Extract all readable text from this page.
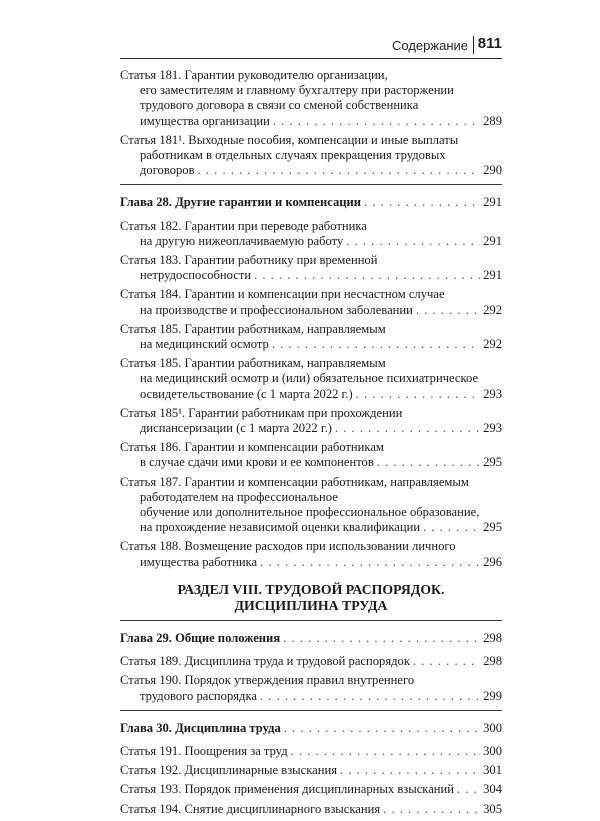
Содержание 811
Статья 181. Гарантии руководителю организации,
его заместителям и главному бухгалтеру при расторжении
трудового договора в связи со сменой собственника
имущества организации . . .	289
Статья 181¹. Выходные пособия, компенсации и иные выплаты
работникам в отдельных случаях прекращения трудовых
договоров . . .	290
Глава 28. Другие гарантии и компенсации . . .	291
Статья 182. Гарантии при переводе работника
на другую нижеоплачиваемую работу . . .	291
Статья 183. Гарантии работнику при временной
нетрудоспособности . . .	291
Статья 184. Гарантии и компенсации при несчастном случае
на производстве и профессиональном заболевании . . .	292
Статья 185. Гарантии работникам, направляемым
на медицинский осмотр . . .	292
Статья 185. Гарантии работникам, направляемым
на медицинский осмотр и (или) обязательное психиатрическое
освидетельствование (с 1 марта 2022 г.) . . .	293
Статья 185¹. Гарантии работникам при прохождении
диспансеризации (с 1 марта 2022 г.) . . .	293
Статья 186. Гарантии и компенсации работникам
в случае сдачи ими крови и ее компонентов . . .	295
Статья 187. Гарантии и компенсации работникам, направляемым
работодателем на профессиональное
обучение или дополнительное профессиональное образование,
на прохождение независимой оценки квалификации . . .	295
Статья 188. Возмещение расходов при использовании личного
имущества работника . . .	296
РАЗДЕЛ VIII. ТРУДОВОЙ РАСПОРЯДОК.
ДИСЦИПЛИНА ТРУДА
Глава 29. Общие положения . . .	298
Статья 189. Дисциплина труда и трудовой распорядок . . .	298
Статья 190. Порядок утверждения правил внутреннего
трудового распорядка . . .	299
Глава 30. Дисциплина труда . . .	300
Статья 191. Поощрения за труд . . .	300
Статья 192. Дисциплинарные взыскания . . .	301
Статья 193. Порядок применения дисциплинарных взысканий . . . 304
Статья 194. Снятие дисциплинарного взыскания . . .	305
